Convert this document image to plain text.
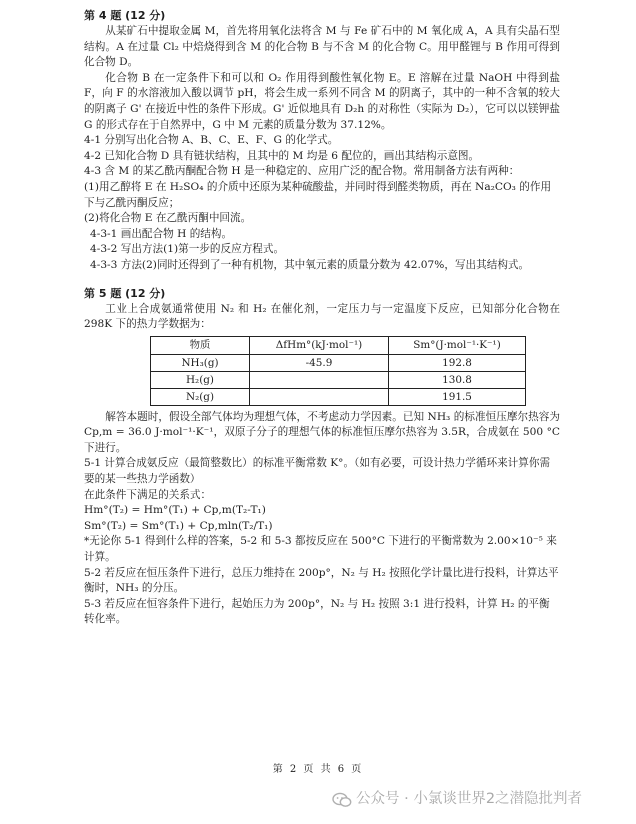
第 4 题 (12 分)

从某矿石中提取金属 M，首先将用氧化法将含 M 与 Fe 矿石中的 M 氧化成 A，A 具有尖晶石型结构。A 在过量 Cl₂ 中焙烧得到含 M 的化合物 B 与不含 M 的化合物 C。用甲醛锂与 B 作用可得到化合物 D。

化合物 B 在一定条件下和可以和 O₂ 作用得到酸性氧化物 E。E 溶解在过量 NaOH 中得到盐 F，向 F 的水溶液加入酸以调节 pH，将会生成一系列不同含 M 的阴离子，其中的一种不含氧的较大的阴离子 G' 在接近中性的条件下形成。G' 近似地具有 D₂h 的对称性（实际为 D₂），它可以以镁钾盐 G 的形式存在于自然界中，G 中 M 元素的质量分数为 37.12%。

4-1 分别写出化合物 A、B、C、E、F、G 的化学式。

4-2 已知化合物 D 具有链状结构，且其中的 M 均是 6 配位的，画出其结构示意图。

4-3 含 M 的某乙酰丙酮配合物 H 是一种稳定的、应用广泛的配合物。常用制备方法有两种：

(1)用乙醇将 E 在 H₂SO₄ 的介质中还原为某种硫酸盐，并同时得到醛类物质，再在 Na₂CO₃ 的作用下与乙酰丙酮反应；

(2)将化合物 E 在乙酰丙酮中回流。

4-3-1 画出配合物 H 的结构。

4-3-2 写出方法(1)第一步的反应方程式。

4-3-3 方法(2)同时还得到了一种有机物，其中氧元素的质量分数为 42.07%，写出其结构式。

第 5 题 (12 分)

工业上合成氨通常使用 N₂ 和 H₂ 在催化剂，一定压力与一定温度下反应，已知部分化合物在 298K 下的热力学数据为：

物质	ΔfHm°(kJ·mol⁻¹)	Sm°(J·mol⁻¹·K⁻¹)
NH₃(g)	-45.9	192.8
H₂(g)		130.8
N₂(g)		191.5

解答本题时，假设全部气体均为理想气体，不考虑动力学因素。已知 NH₃ 的标准恒压摩尔热容为 Cp,m = 36.0 J·mol⁻¹·K⁻¹，双原子分子的理想气体的标准恒压摩尔热容为 3.5R，合成氨在 500 °C 下进行。

5-1 计算合成氨反应（最简整数比）的标准平衡常数 K°。（如有必要，可设计热力学循环来计算你需要的某一些热力学函数）

在此条件下满足的关系式：

Hm°(T₂) = Hm°(T₁) + Cp,m(T₂-T₁)

Sm°(T₂) = Sm°(T₁) + Cp,mln(T₂/T₁)

*无论你 5-1 得到什么样的答案，5-2 和 5-3 都按反应在 500°C 下进行的平衡常数为 2.00×10⁻⁵ 来计算。

5-2 若反应在恒压条件下进行，总压力维持在 200p°，N₂ 与 H₂ 按照化学计量比进行投料，计算达平衡时，NH₃ 的分压。

5-3 若反应在恒容条件下进行，起始压力为 200p°，N₂ 与 H₂ 按照 3:1 进行投料，计算 H₂ 的平衡转化率。

第 2 页 共 6 页
公众号 · 小氯谈世界2之潜隐批判者
